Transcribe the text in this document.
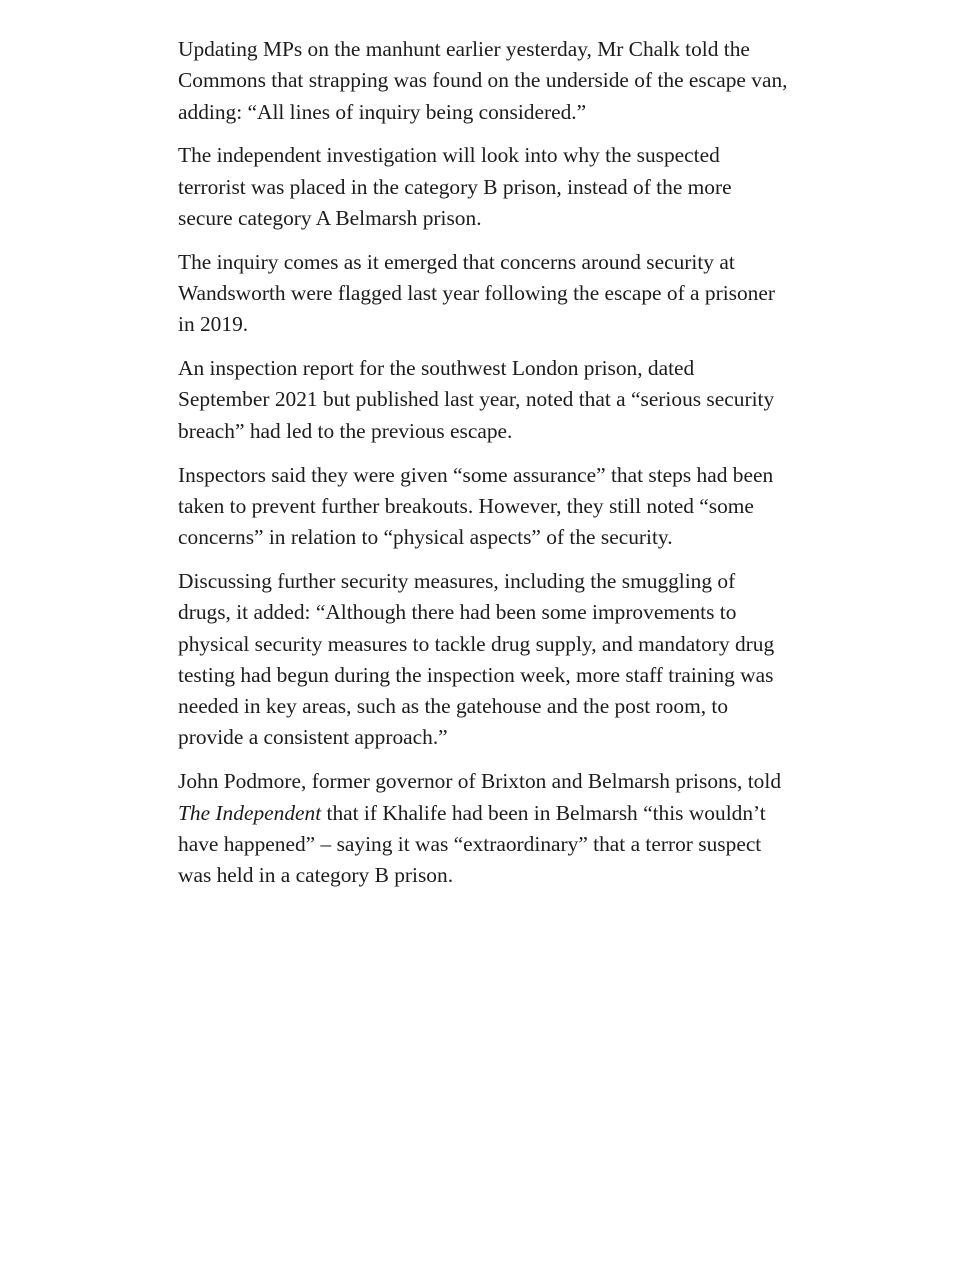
Updating MPs on the manhunt earlier yesterday, Mr Chalk told the Commons that strapping was found on the underside of the escape van, adding: “All lines of inquiry being considered.”

The independent investigation will look into why the suspected terrorist was placed in the category B prison, instead of the more secure category A Belmarsh prison.

The inquiry comes as it emerged that concerns around security at Wandsworth were flagged last year following the escape of a prisoner in 2019.

An inspection report for the southwest London prison, dated September 2021 but published last year, noted that a “serious security breach” had led to the previous escape.

Inspectors said they were given “some assurance” that steps had been taken to prevent further breakouts. However, they still noted “some concerns” in relation to “physical aspects” of the security.

Discussing further security measures, including the smuggling of drugs, it added: “Although there had been some improvements to physical security measures to tackle drug supply, and mandatory drug testing had begun during the inspection week, more staff training was needed in key areas, such as the gatehouse and the post room, to provide a consistent approach.”

John Podmore, former governor of Brixton and Belmarsh prisons, told The Independent that if Khalife had been in Belmarsh “this wouldn’t have happened” – saying it was “extraordinary” that a terror suspect was held in a category B prison.
